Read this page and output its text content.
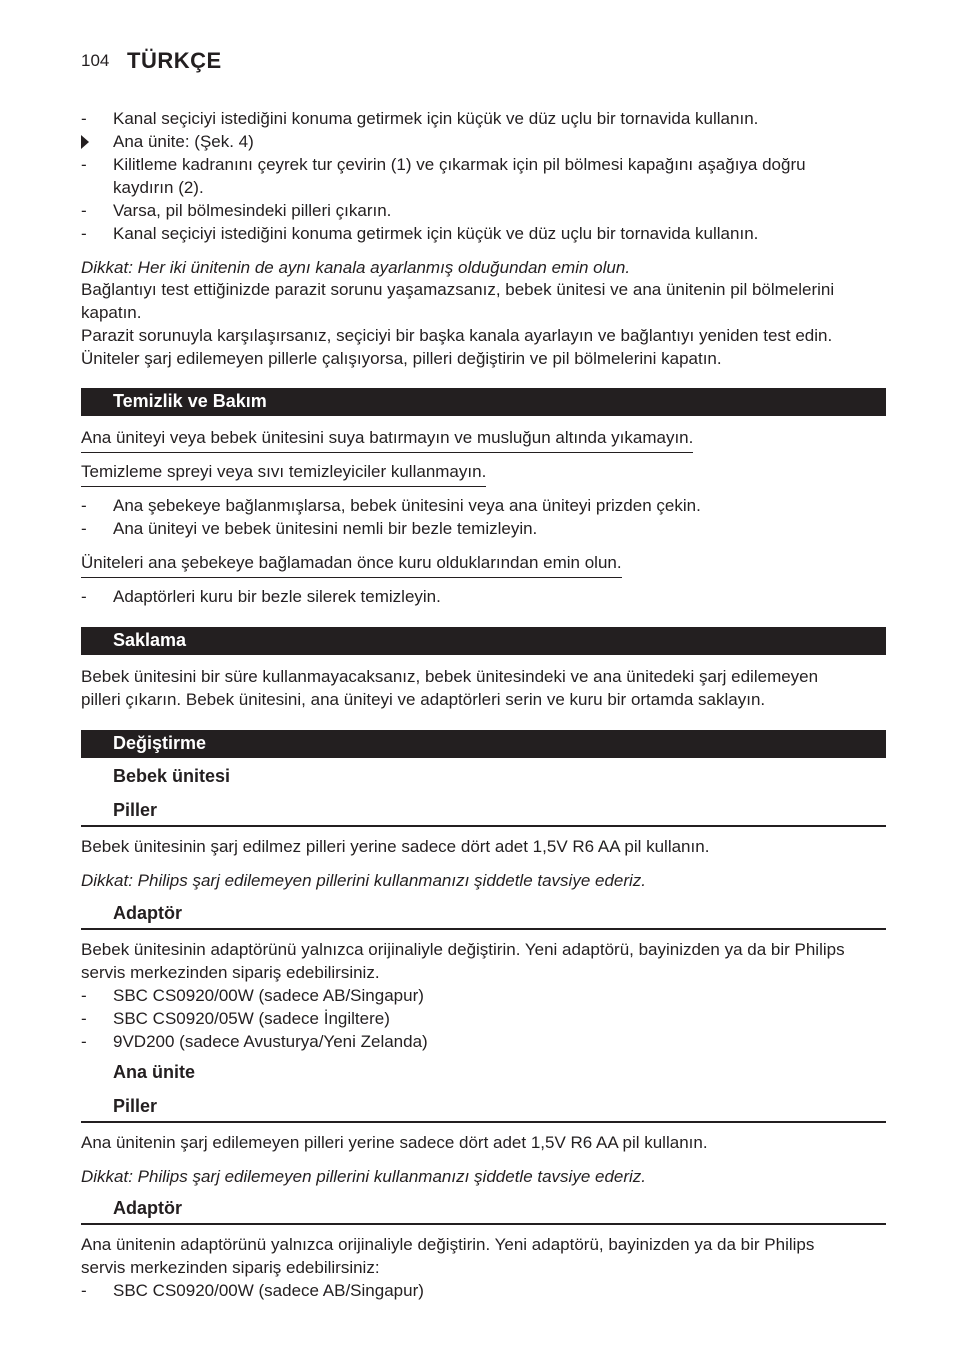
104 TÜRKÇE
-	Kanal seçiciyi istediğini konuma getirmek için küçük ve düz uçlu bir tornavida kullanın.
Ana ünite: (Şek. 4)
-	Kilitleme kadranını çeyrek tur çevirin (1) ve çıkarmak için pil bölmesi kapağını aşağıya doğru
kaydırın (2).
-	Varsa, pil bölmesindeki pilleri çıkarın.
-	Kanal seçiciyi istediğini konuma getirmek için küçük ve düz uçlu bir tornavida kullanın.
Dikkat: Her iki ünitenin de aynı kanala ayarlanmış olduğundan emin olun.
Bağlantıyı test ettiğinizde parazit sorunu yaşamazsanız, bebek ünitesi ve ana ünitenin pil bölmelerini
kapatın.
Parazit sorunuyla karşılaşırsanız, seçiciyi bir başka kanala ayarlayın ve bağlantıyı yeniden test edin.
Üniteler şarj edilemeyen pillerle çalışıyorsa, pilleri değiştirin ve pil bölmelerini kapatın.
Temizlik ve Bakım
Ana üniteyi veya bebek ünitesini suya batırmayın ve musluğun altında yıkamayın.
Temizleme spreyi veya sıvı temizleyiciler kullanmayın.
-	Ana şebekeye bağlanmışlarsa, bebek ünitesini veya ana üniteyi prizden çekin.
-	Ana üniteyi ve bebek ünitesini nemli bir bezle temizleyin.
Üniteleri ana şebekeye bağlamadan önce kuru olduklarından emin olun.
-	Adaptörleri kuru bir bezle silerek temizleyin.
Saklama
Bebek ünitesini bir süre kullanmayacaksanız, bebek ünitesindeki ve ana ünitedeki şarj edilemeyen
pilleri çıkarın. Bebek ünitesini, ana üniteyi ve adaptörleri serin ve kuru bir ortamda saklayın.
Değiştirme
Bebek ünitesi
Piller
Bebek ünitesinin şarj edilmez pilleri yerine sadece dört adet 1,5V R6 AA pil kullanın.
Dikkat: Philips şarj edilemeyen pillerini kullanmanızı şiddetle tavsiye ederiz.
Adaptör
Bebek ünitesinin adaptörünü yalnızca orijinaliyle değiştirin. Yeni adaptörü, bayinizden ya da bir Philips
servis merkezinden sipariş edebilirsiniz.
-	SBC CS0920/00W (sadece AB/Singapur)
-	SBC CS0920/05W (sadece İngiltere)
-	9VD200 (sadece Avusturya/Yeni Zelanda)
Ana ünite
Piller
Ana ünitenin şarj edilemeyen pilleri yerine sadece dört adet 1,5V R6 AA pil kullanın.
Dikkat: Philips şarj edilemeyen pillerini kullanmanızı şiddetle tavsiye ederiz.
Adaptör
Ana ünitenin adaptörünü yalnızca orijinaliyle değiştirin. Yeni adaptörü, bayinizden ya da bir Philips
servis merkezinden sipariş edebilirsiniz:
-	SBC CS0920/00W (sadece AB/Singapur)
